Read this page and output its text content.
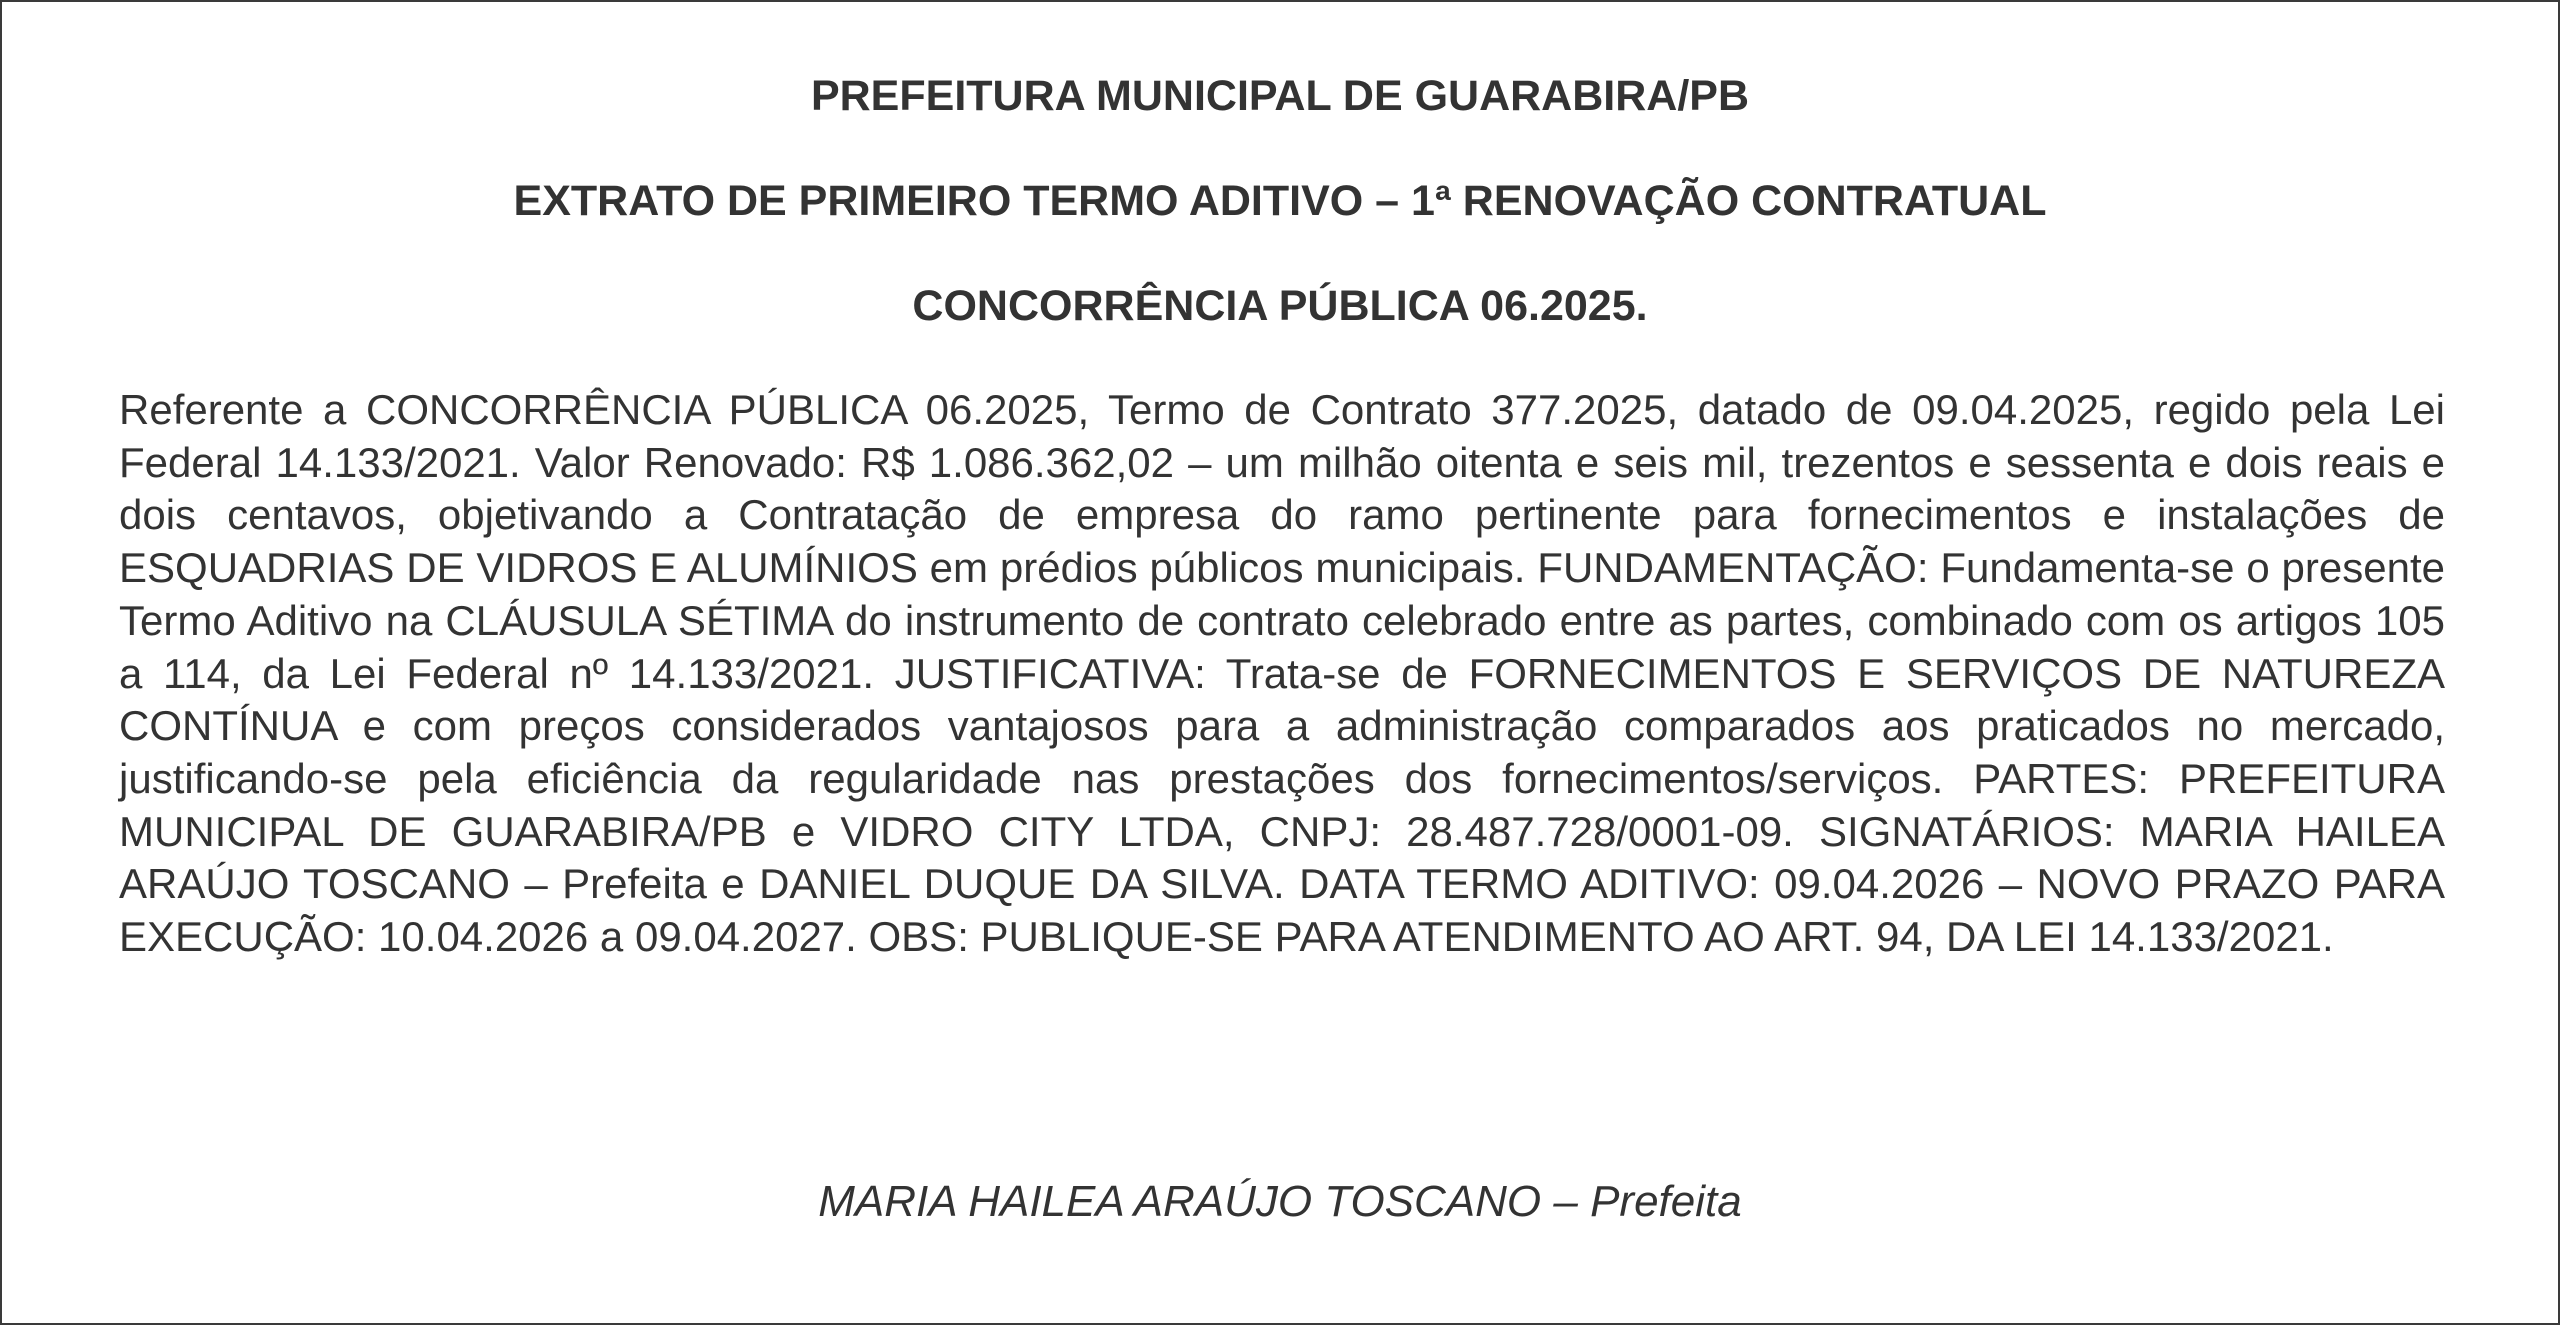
PREFEITURA MUNICIPAL DE GUARABIRA/PB
EXTRATO DE PRIMEIRO TERMO ADITIVO – 1ª RENOVAÇÃO CONTRATUAL
CONCORRÊNCIA PÚBLICA 06.2025.

Referente a CONCORRÊNCIA PÚBLICA 06.2025, Termo de Contrato 377.2025, datado de 09.04.2025, regido pela Lei Federal 14.133/2021. Valor Renovado: R$ 1.086.362,02 – um milhão oitenta e seis mil, trezentos e sessenta e dois reais e dois centavos, objetivando a Contratação de empresa do ramo pertinente para fornecimentos e instalações de ESQUADRIAS DE VIDROS E ALUMÍNIOS em prédios públicos municipais. FUNDAMENTAÇÃO: Fundamenta-se o presente Termo Aditivo na CLÁUSULA SÉTIMA do instrumento de contrato celebrado entre as partes, combinado com os artigos 105 a 114, da Lei Federal nº 14.133/2021. JUSTIFICATIVA: Trata-se de FORNECIMENTOS E SERVIÇOS DE NATUREZA CONTÍNUA e com preços considerados vantajosos para a administração comparados aos praticados no mercado, justificando-se pela eficiência da regularidade nas prestações dos fornecimentos/serviços. PARTES: PREFEITURA MUNICIPAL DE GUARABIRA/PB e VIDRO CITY LTDA, CNPJ: 28.487.728/0001-09. SIGNATÁRIOS: MARIA HAILEA ARAÚJO TOSCANO – Prefeita e DANIEL DUQUE DA SILVA. DATA TERMO ADITIVO: 09.04.2026 – NOVO PRAZO PARA EXECUÇÃO: 10.04.2026 a 09.04.2027. OBS: PUBLIQUE-SE PARA ATENDIMENTO AO ART. 94, DA LEI 14.133/2021.

MARIA HAILEA ARAÚJO TOSCANO – Prefeita
